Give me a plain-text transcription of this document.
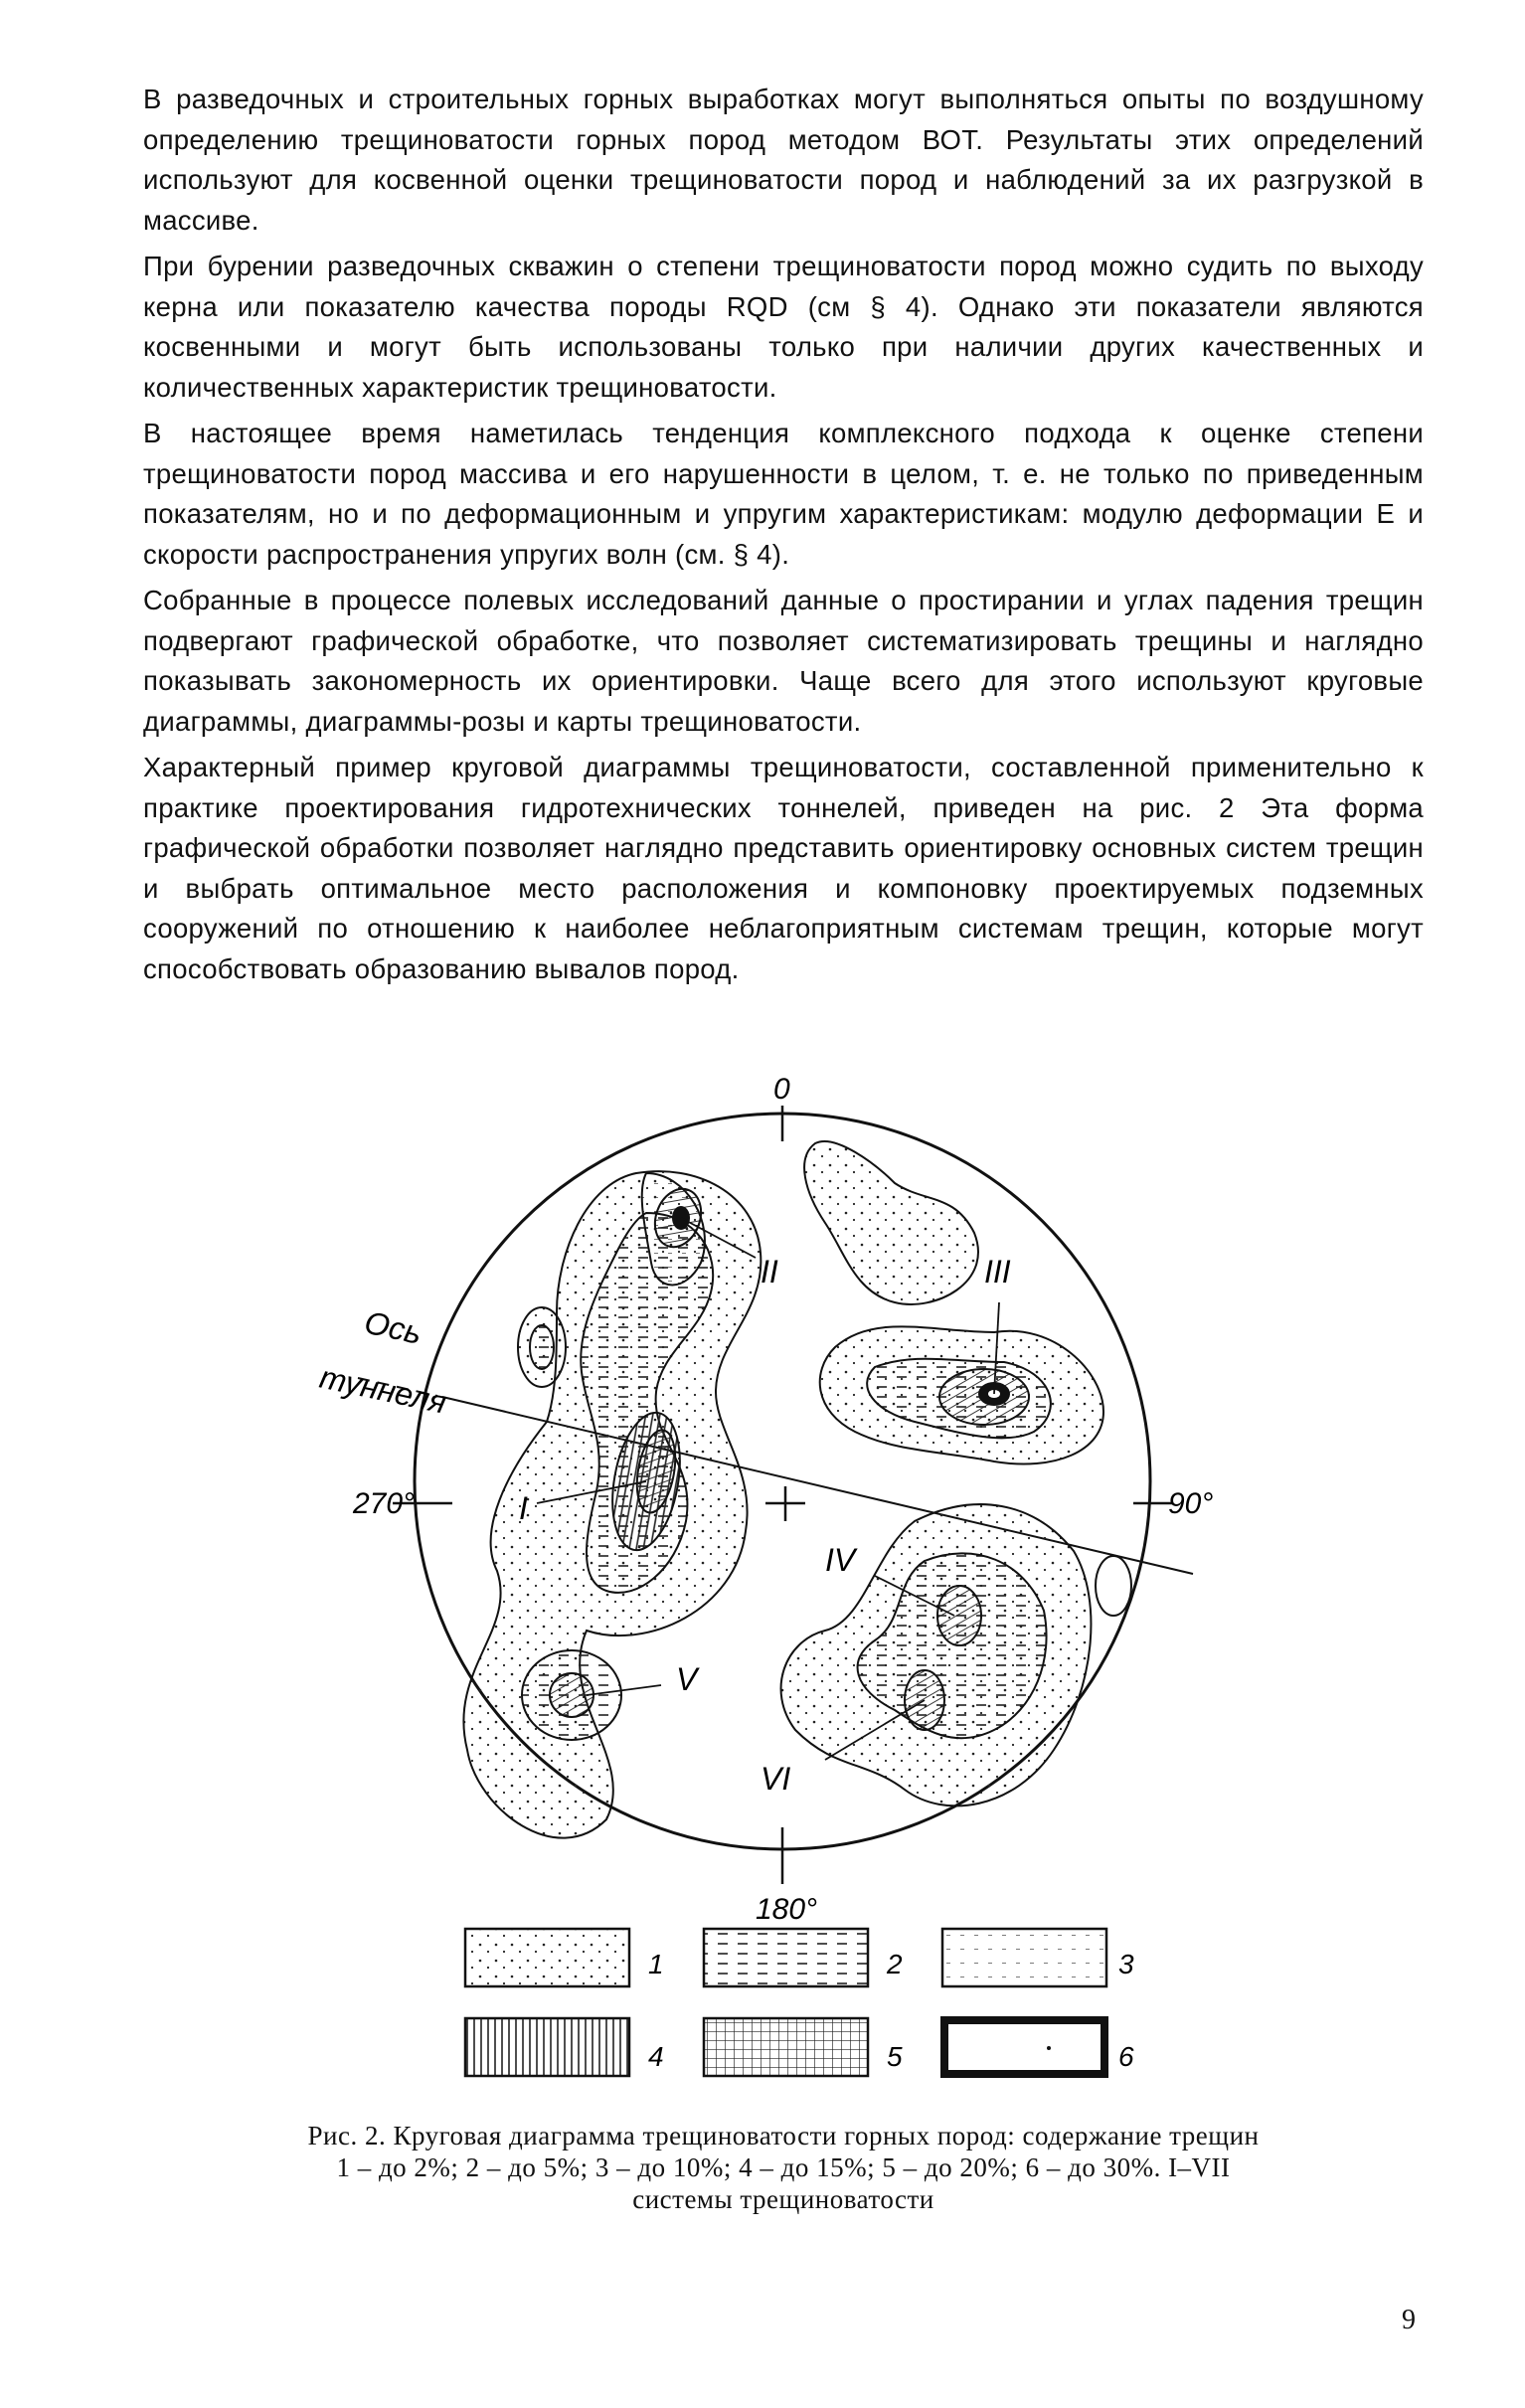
В разведочных и строительных горных выработках могут выполняться опыты по воздушному определению трещиноватости горных пород методом ВОТ. Результаты этих определений используют для косвенной оценки трещиноватости пород и наблюдений за их разгрузкой в массиве.

При бурении разведочных скважин о степени трещиноватости пород можно судить по выходу керна или показателю качества породы RQD (см § 4). Однако эти показатели являются косвенными и могут быть использованы только при наличии других качественных и количественных характеристик трещиноватости.

В настоящее время наметилась тенденция комплексного подхода к оценке степени трещиноватости пород массива и его нарушенности в целом, т. е. не только по приведенным показателям, но и по деформационным и упругим характеристикам: модулю деформации E и скорости распространения упругих волн (см. § 4).

Собранные в процессе полевых исследований данные о простирании и углах падения трещин подвергают графической обработке, что позволяет систематизировать трещины и наглядно показывать закономерность их ориентировки. Чаще всего для этого используют круговые диаграммы, диаграммы-розы и карты трещиноватости.

Характерный пример круговой диаграммы трещиноватости, составленной применительно к практике проектирования гидротехнических тоннелей, приведен на рис. 2 Эта форма графической обработки позволяет наглядно представить ориентировку основных систем трещин и выбрать оптимальное место расположения и компоновку проектируемых подземных сооружений по отношению к наиболее неблагоприятным системам трещин, которые могут способствовать образованию вывалов пород.

0
90°
180°
270°
Ось
туннеля
I
II	III
IV
V
VI
1	2	3
4	5	6
Рис. 2. Круговая диаграмма трещиноватости горных пород: содержание трещин
1 – до 2%; 2 – до 5%; 3 – до 10%; 4 – до 15%; 5 – до 20%; 6 – до 30%. I–VII
системы трещиноватости
9
